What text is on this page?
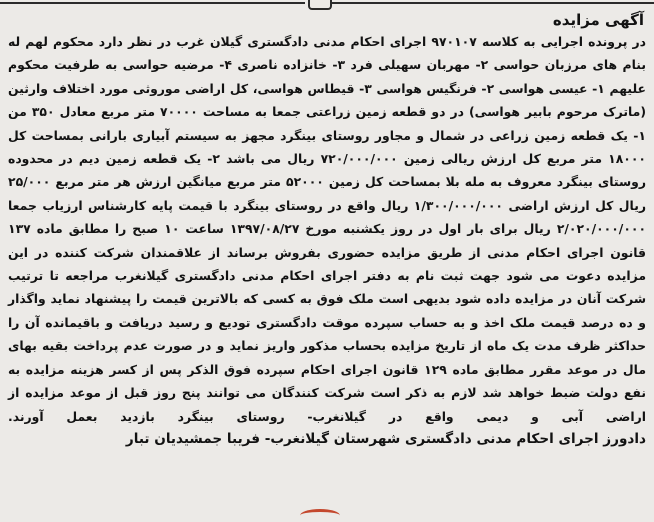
آگهی مزایده
در پرونده اجرایی به کلاسه ۹۷۰۱۰۷ اجرای احکام مدنی دادگستری گیلان غرب در نظر دارد محکوم لهم له بنام های مرزبان حواسی ۲- مهربان سهیلی فرد ۳- خانزاده ناصری ۴- مرضیه حواسی به طرفیت محکوم علیهم ۱- عیسی هواسی ۲- فرنگیس هواسی ۳- قیطاس هواسی، کل اراضی موروثی مورد اختلاف وارثین (ماترک مرحوم بابیر هواسی) در دو قطعه زمین زراعتی جمعا به مساحت ۷۰۰۰۰ متر مربع معادل ۳۵۰ من ۱- یک قطعه زمین زراعی در شمال و مجاور روستای بینگرد مجهز به سیستم آبیاری بارانی بمساحت کل ۱۸۰۰۰ متر مربع کل ارزش ریالی زمین ۷۲۰/۰۰۰/۰۰۰ ریال می باشد ۲- یک قطعه زمین دیم در محدوده روستای بینگرد معروف به مله بلا بمساحت کل زمین ۵۲۰۰۰ متر مربع میانگین ارزش هر متر مربع ۲۵/۰۰۰ ریال کل ارزش اراضی ۱/۳۰۰/۰۰۰/۰۰۰ ریال واقع در روستای بینگرد با قیمت پایه کارشناس ارزیاب جمعا ۲/۰۲۰/۰۰۰/۰۰۰ ریال برای بار اول در روز یکشنبه مورخ ۱۳۹۷/۰۸/۲۷ ساعت ۱۰ صبح را مطابق ماده ۱۳۷ قانون اجرای احکام مدنی از طریق مزایده حضوری بفروش برساند از علاقمندان شرکت کننده در این مزایده دعوت می شود جهت ثبت نام به دفتر اجرای احکام مدنی دادگستری گیلانغرب مراجعه تا ترتیب شرکت آنان در مزایده داده شود بدیهی است ملک فوق به کسی که بالاترین قیمت را پیشنهاد نماید واگذار و ده درصد قیمت ملک اخذ و به حساب سپرده موقت دادگستری تودیع و رسید دریافت و باقیمانده آن را حداکثر ظرف مدت یک ماه از تاریخ مزایده بحساب مذکور واریز نماید و در صورت عدم پرداخت بقیه بهای مال در موعد مقرر مطابق ماده ۱۲۹ قانون اجرای احکام سپرده فوق الذکر پس از کسر هزینه مزایده به نفع دولت ضبط خواهد شد لازم به ذکر است شرکت کنندگان می توانند پنج روز قبل از موعد مزایده از اراضی آبی و دیمی واقع در گیلانغرب- روستای بینگرد بازدید بعمل آورند.
دادورز اجرای احکام مدنی دادگستری شهرستان گیلانغرب- فریبا جمشیدیان تبار
